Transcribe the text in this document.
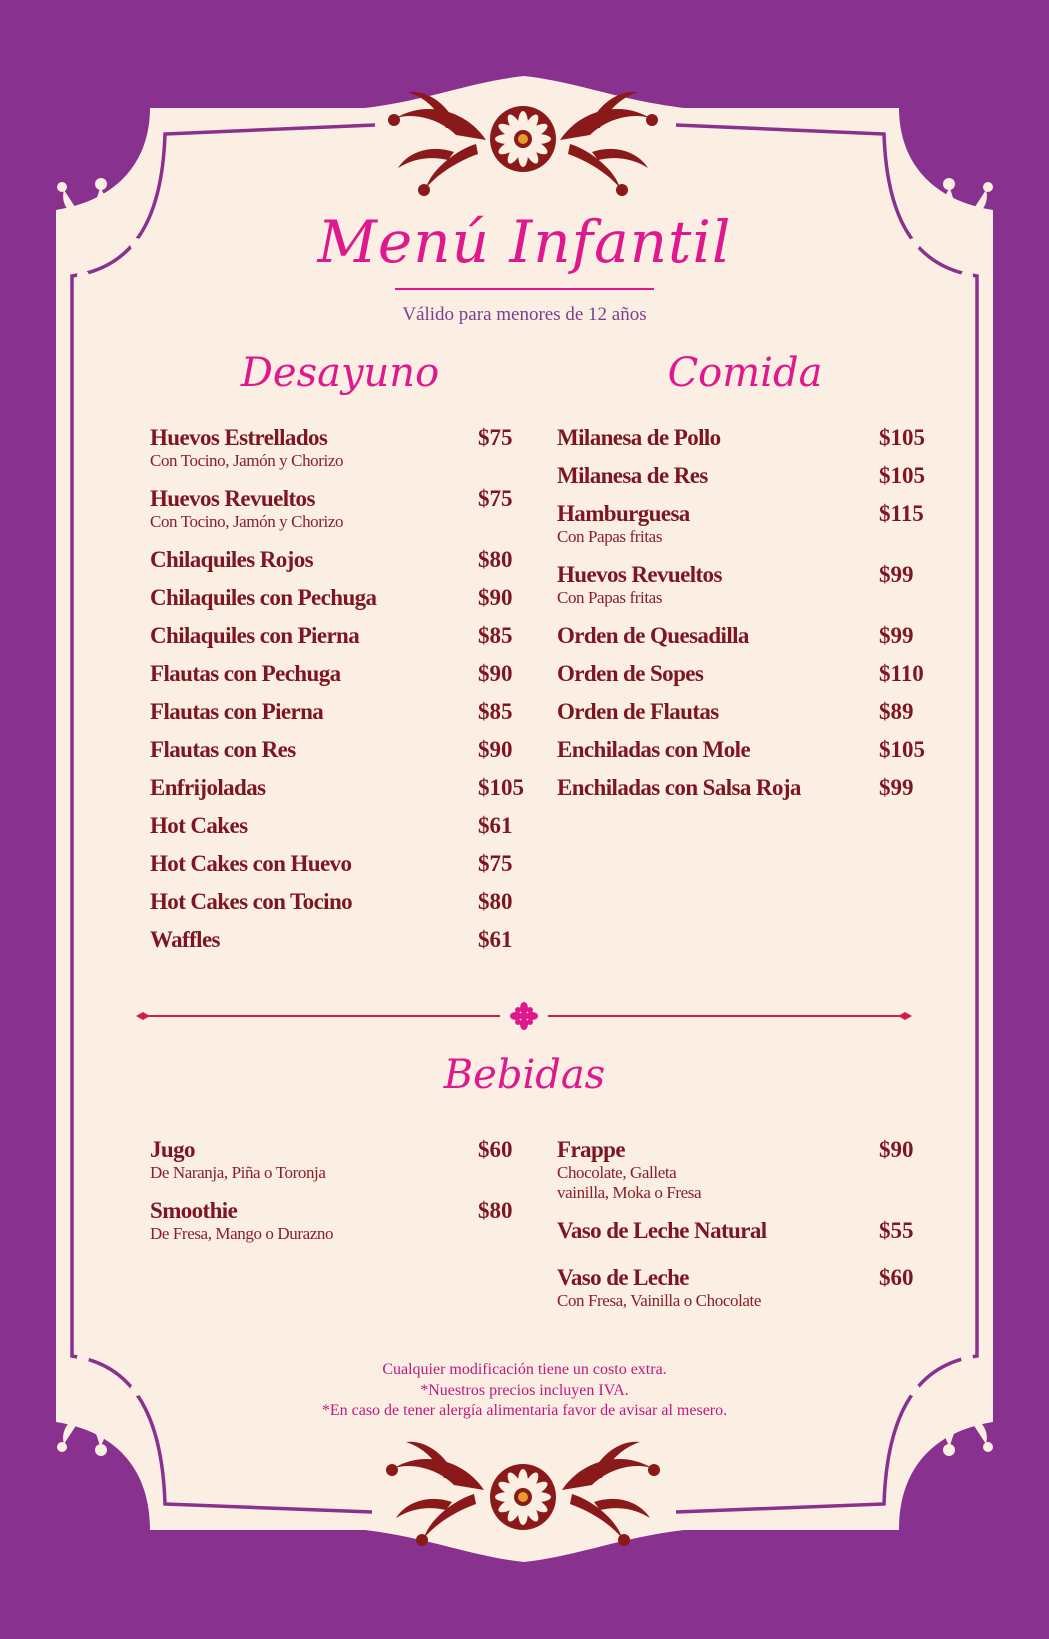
Menú Infantil
Válido para menores de 12 años
Desayuno	Comida
Huevos Estrellados	$75
Con Tocino, Jamón y Chorizo
Huevos Revueltos	$75
Con Tocino, Jamón y Chorizo
Chilaquiles Rojos	$80
Chilaquiles con Pechuga	$90
Chilaquiles con Pierna	$85
Flautas con Pechuga	$90
Flautas con Pierna	$85
Flautas con Res	$90
Enfrijoladas	$105
Hot Cakes	$61
Hot Cakes con Huevo	$75
Hot Cakes con Tocino	$80
Waffles	$61
Milanesa de Pollo	$105
Milanesa de Res	$105
Hamburguesa	$115
Con Papas fritas
Huevos Revueltos	$99
Con Papas fritas
Orden de Quesadilla	$99
Orden de Sopes	$110
Orden de Flautas	$89
Enchiladas con Mole	$105
Enchiladas con Salsa Roja	$99
Bebidas
Jugo	$60
De Naranja, Piña o Toronja
Smoothie	$80
De Fresa, Mango o Durazno
Frappe	$90
Chocolate, Galleta
vainilla, Moka o Fresa
Vaso de Leche Natural	$55
Vaso de Leche	$60
Con Fresa, Vainilla o Chocolate
Cualquier modificación tiene un costo extra.
*Nuestros precios incluyen IVA.
*En caso de tener alergía alimentaria favor de avisar al mesero.
